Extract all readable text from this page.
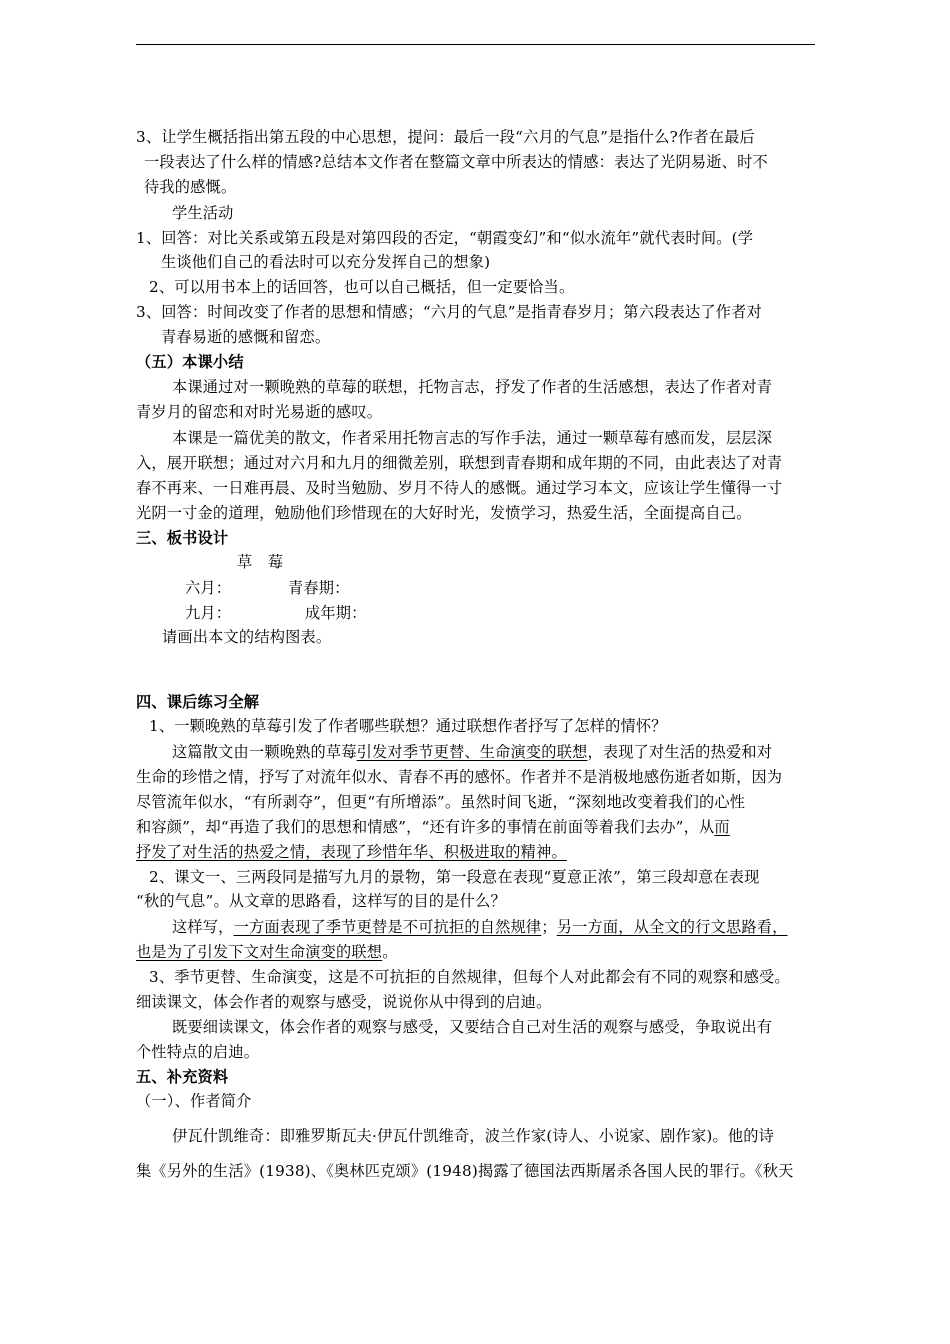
3、让学生概括指出第五段的中心思想，提问：最后一段“六月的气息”是指什么?作者在最后
一段表达了什么样的情感?总结本文作者在整篇文章中所表达的情感：表达了光阴易逝、时不
待我的感慨。
学生活动
1、回答：对比关系或第五段是对第四段的否定，“朝霞变幻”和“似水流年”就代表时间。(学
生谈他们自己的看法时可以充分发挥自己的想象)
2、可以用书本上的话回答，也可以自己概括，但一定要恰当。
3、回答：时间改变了作者的思想和情感；“六月的气息”是指青春岁月；第六段表达了作者对
青春易逝的感慨和留恋。
（五）本课小结
本课通过对一颗晚熟的草莓的联想，托物言志，抒发了作者的生活感想，表达了作者对青
青岁月的留恋和对时光易逝的感叹。
本课是一篇优美的散文，作者采用托物言志的写作手法，通过一颗草莓有感而发，层层深
入，展开联想；通过对六月和九月的细微差别，联想到青春期和成年期的不同，由此表达了对青
春不再来、一日难再晨、及时当勉励、岁月不待人的感慨。通过学习本文，应该让学生懂得一寸
光阴一寸金的道理，勉励他们珍惜现在的大好时光，发愤学习，热爱生活，全面提高自己。
三、板书设计
草　莓
六月：	青春期：
九月：	成年期：
请画出本文的结构图表。
四、课后练习全解
1、一颗晚熟的草莓引发了作者哪些联想？通过联想作者抒写了怎样的情怀？
这篇散文由一颗晚熟的草莓引发对季节更替、生命演变的联想，表现了对生活的热爱和对
生命的珍惜之情，抒写了对流年似水、青春不再的感怀。作者并不是消极地感伤逝者如斯，因为
尽管流年似水，“有所剥夺”，但更“有所增添”。虽然时间飞逝，“深刻地改变着我们的心性
和容颜”，却“再造了我们的思想和情感”，“还有许多的事情在前面等着我们去办”，从而
抒发了对生活的热爱之情，表现了珍惜年华、积极进取的精神。
2、课文一、三两段同是描写九月的景物，第一段意在表现“夏意正浓”，第三段却意在表现
“秋的气息”。从文章的思路看，这样写的目的是什么？
这样写，一方面表现了季节更替是不可抗拒的自然规律；另一方面，从全文的行文思路看，
也是为了引发下文对生命演变的联想。
3、季节更替、生命演变，这是不可抗拒的自然规律，但每个人对此都会有不同的观察和感受。
细读课文，体会作者的观察与感受，说说你从中得到的启迪。
既要细读课文，体会作者的观察与感受，又要结合自己对生活的观察与感受，争取说出有
个性特点的启迪。
五、补充资料
（一）、作者简介
伊瓦什凯维奇：即雅罗斯瓦夫·伊瓦什凯维奇，波兰作家(诗人、小说家、剧作家)。他的诗
集《另外的生活》(1938)、《奥林匹克颂》(1948)揭露了德国法西斯屠杀各国人民的罪行。《秋天
